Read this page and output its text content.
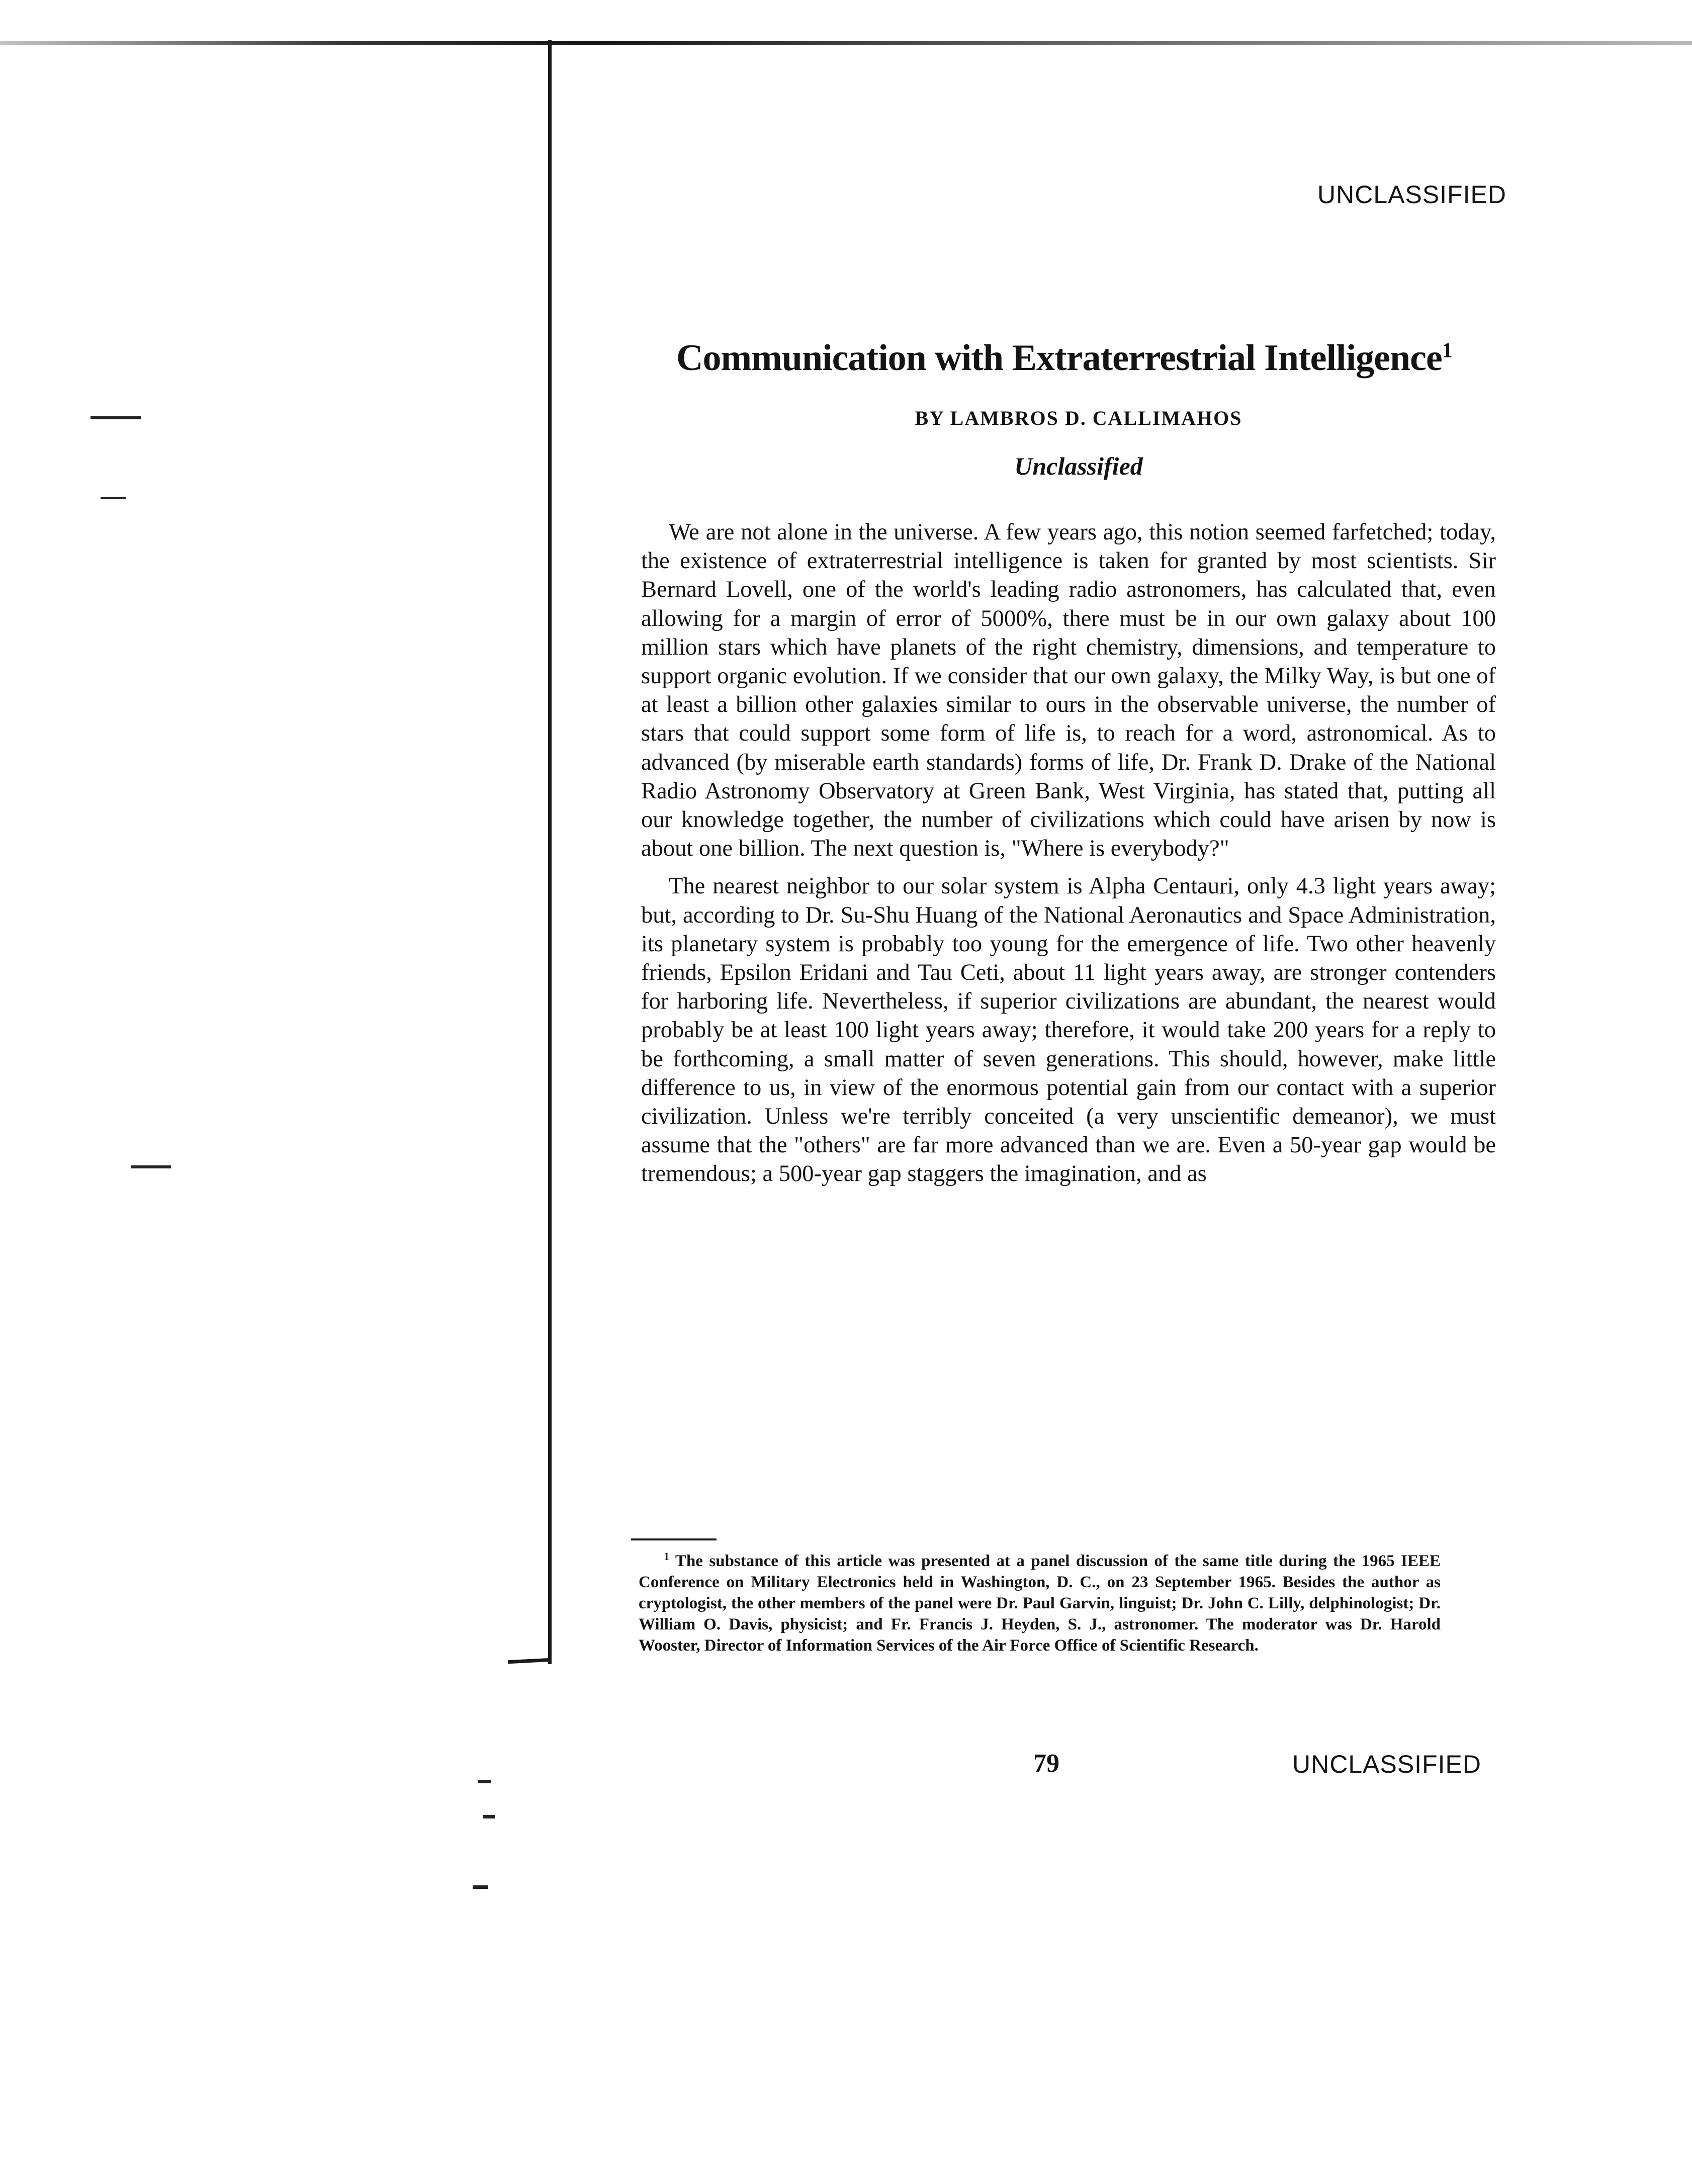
UNCLASSIFIED
Communication with Extraterrestrial Intelligence$^1$
BY LAMBROS D. CALLIMAHOS
Unclassified

We are not alone in the universe. A few years ago, this notion seemed farfetched; today, the existence of extraterrestrial intelligence is taken for granted by most scientists. Sir Bernard Lovell, one of the world's leading radio astronomers, has calculated that, even allowing for a margin of error of 5000%, there must be in our own galaxy about 100 million stars which have planets of the right chemistry, dimensions, and temperature to support organic evolution. If we consider that our own galaxy, the Milky Way, is but one of at least a billion other galaxies similar to ours in the observable universe, the number of stars that could support some form of life is, to reach for a word, astronomical. As to advanced (by miserable earth standards) forms of life, Dr. Frank D. Drake of the National Radio Astronomy Observatory at Green Bank, West Virginia, has stated that, putting all our knowledge together, the number of civilizations which could have arisen by now is about one billion. The next question is, "Where is everybody?"

The nearest neighbor to our solar system is Alpha Centauri, only 4.3 light years away; but, according to Dr. Su-Shu Huang of the National Aeronautics and Space Administration, its planetary system is probably too young for the emergence of life. Two other heavenly friends, Epsilon Eridani and Tau Ceti, about 11 light years away, are stronger contenders for harboring life. Nevertheless, if superior civilizations are abundant, the nearest would probably be at least 100 light years away; therefore, it would take 200 years for a reply to be forthcoming, a small matter of seven generations. This should, however, make little difference to us, in view of the enormous potential gain from our contact with a superior civilization. Unless we're terribly conceited (a very unscientific demeanor), we must assume that the "others" are far more advanced than we are. Even a 50-year gap would be tremendous; a 500-year gap staggers the imagination, and as

$^1$ The substance of this article was presented at a panel discussion of the same title during the 1965 IEEE Conference on Military Electronics held in Washington, D. C., on 23 September 1965. Besides the author as cryptologist, the other members of the panel were Dr. Paul Garvin, linguist; Dr. John C. Lilly, delphinologist; Dr. William O. Davis, physicist; and Fr. Francis J. Heyden, S. J., astronomer. The moderator was Dr. Harold Wooster, Director of Information Services of the Air Force Office of Scientific Research.

79	UNCLASSIFIED
